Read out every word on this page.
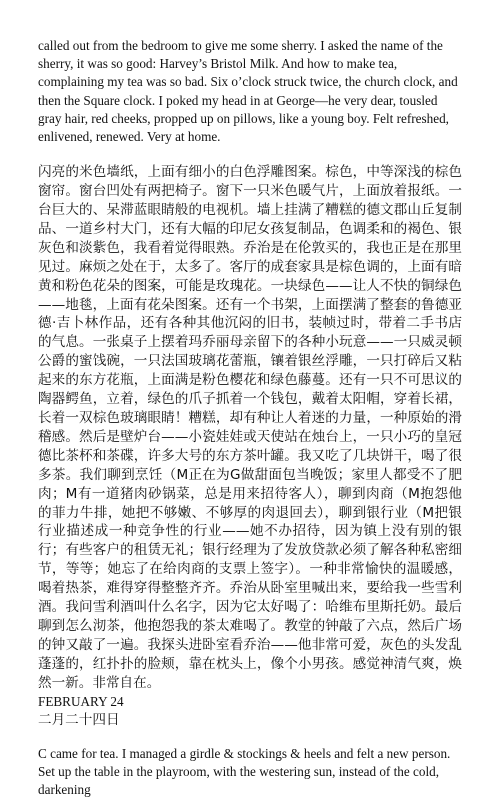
called out from the bedroom to give me some sherry. I asked the name of the sherry, it was so good: Harvey’s Bristol Milk. And how to make tea, complaining my tea was so bad. Six o’clock struck twice, the church clock, and then the Square clock. I poked my head in at George—he very dear, tousled gray hair, red cheeks, propped up on pillows, like a young boy. Felt refreshed, enlivened, renewed. Very at home.

闪亮的米色墙纸，上面有细小的白色浮雕图案。棕色，中等深浅的棕色窗帘。窗台凹处有两把椅子。窗下一只米色暖气片，上面放着报纸。一台巨大的、呆滞蓝眼睛般的电视机。墙上挂满了糟糕的德文郡山丘复制品、一道乡村大门，还有大幅的印尼女孩复制品，色调柔和的褐色、银灰色和淡紫色，我看着觉得眼熟。乔治是在伦敦买的，我也正是在那里见过。麻烦之处在于，太多了。客厅的成套家具是棕色调的，上面有暗黄和粉色花朵的图案，可能是玫瑰花。一块绿色——让人不快的铜绿色——地毯，上面有花朵图案。还有一个书架，上面摆满了整套的鲁德亚德·吉卜林作品，还有各种其他沉闷的旧书，装帧过时，带着二手书店的气息。一张桌子上摆着玛乔丽母亲留下的各种小玩意——一只威灵顿公爵的蜜饯碗，一只法国玻璃花蕾瓶，镶着银丝浮雕，一只打碎后又粘起来的东方花瓶，上面满是粉色樱花和绿色藤蔓。还有一只不可思议的陶器鳄鱼，立着，绿色的爪子抓着一个钱包，戴着太阳帽，穿着长裙，长着一双棕色玻璃眼睛！糟糕，却有种让人着迷的力量，一种原始的滑稽感。然后是壁炉台——小瓷娃娃或天使站在烛台上，一只小巧的皇冠德比茶杯和茶碟，许多大号的东方茶叶罐。我又吃了几块饼干，喝了很多茶。我们聊到烹饪（M正在为G做甜面包当晚饭；家里人都受不了肥肉；M有一道猪肉砂锅菜，总是用来招待客人），聊到肉商（M抱怨他的菲力牛排，她把不够嫩、不够厚的肉退回去），聊到银行业（M把银行业描述成一种竞争性的行业——她不办招待，因为镇上没有别的银行；有些客户的租赁无礼；银行经理为了发放贷款必须了解各种私密细节，等等；她忘了在给肉商的支票上签字）。一种非常愉快的温暖感，喝着热茶，难得穿得整整齐齐。乔治从卧室里喊出来，要给我一些雪利酒。我问雪利酒叫什么名字，因为它太好喝了：哈维布里斯托奶。最后聊到怎么沏茶，他抱怨我的茶太难喝了。教堂的钟敲了六点，然后广场的钟又敲了一遍。我探头进卧室看乔治——他非常可爱，灰色的头发乱蓬蓬的，红扑扑的脸颊，靠在枕头上，像个小男孩。感觉神清气爽，焕然一新。非常自在。

FEBRUARY 24

二月二十四日

C came for tea. I managed a girdle & stockings & heels and felt a new person. Set up the table in the playroom, with the westering sun, instead of the cold, darkening
